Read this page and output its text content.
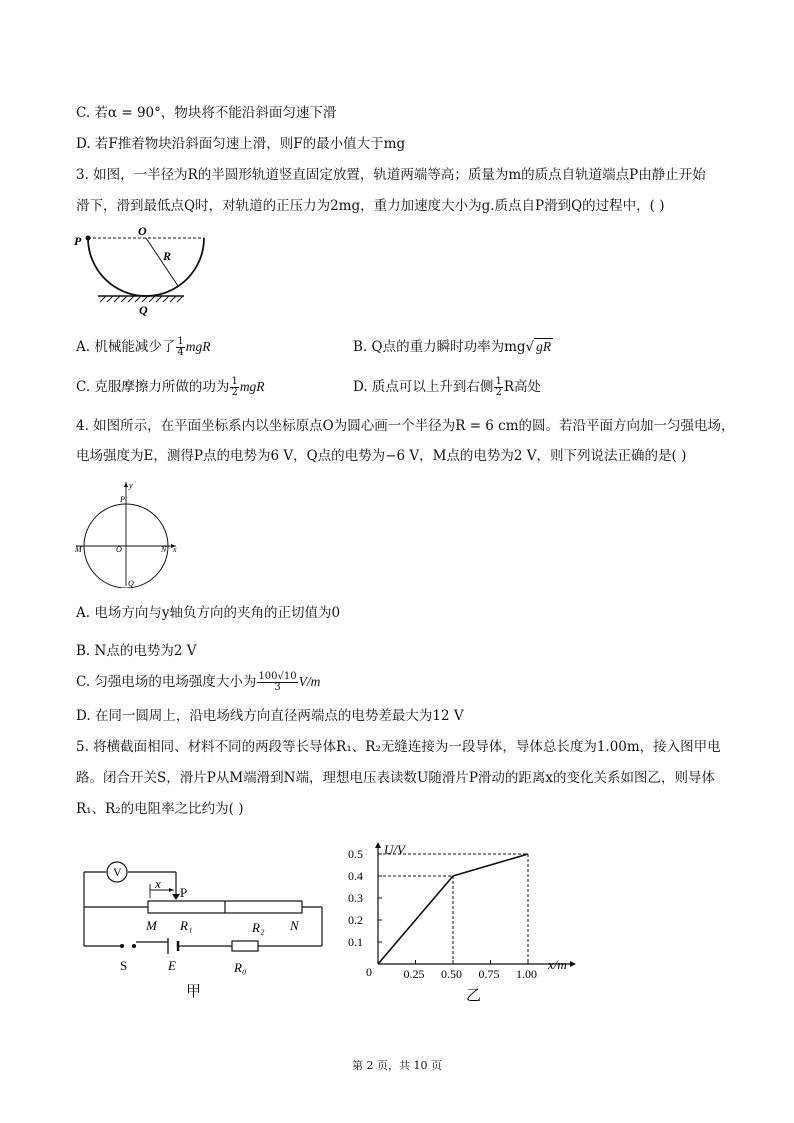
C. 若α = 90°，物块将不能沿斜面匀速下滑
D. 若F推着物块沿斜面匀速上滑，则F的最小值大于mg
3. 如图，一半径为R的半圆形轨道竖直固定放置，轨道两端等高；质量为m的质点自轨道端点P由静止开始
滑下，滑到最低点Q时，对轨道的正压力为2mg，重力加速度大小为g.质点自P滑到Q的过程中，( )
P
O
R
Q
A. 机械能减少了 $\frac{1}{4}$ mgR	B. Q点的重力瞬时功率为mg√ gR
C. 克服摩擦力所做的功为 $\frac{1}{2}$ mgR	D. 质点可以上升到右侧 $\frac{1}{2}$ R高处
4. 如图所示，在平面坐标系内以坐标原点O为圆心画一个半径为R = 6 cm的圆。若沿平面方向加一匀强电场，
电场强度为E，测得P点的电势为6 V，Q点的电势为−6 V，M点的电势为2 V，则下列说法正确的是( )
y
P
M	O	N x
Q
A. 电场方向与y轴负方向的夹角的正切值为0
B. N点的电势为2 V
C. 匀强电场的电场强度大小为 $\frac{100√10}{3} V/m$
D. 在同一圆周上，沿电场线方向直径两端点的电势差最大为12 V
5. 将横截面相同、材料不同的两段等长导体R₁、R₂无缝连接为一段导体，导体总长度为1.00m，接入图甲电
路。闭合开关S，滑片P从M端滑到N端，理想电压表读数U随滑片P滑动的距离x的变化关系如图乙，则导体
R₁、R₂的电阻率之比约为( )
V
x
P
M R₁	R₂ N
S	E	R₀
甲
U/V
x/m
0
0.1
0.2
0.3
0.4
0.5
0.25 0.50 0.75 1.00
乙
第 2 页，共 10 页
